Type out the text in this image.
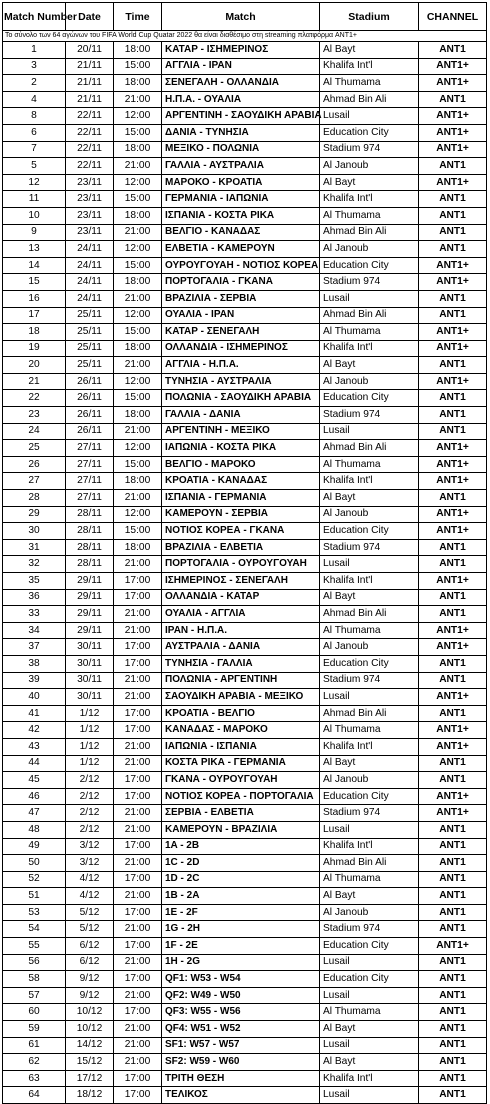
Match Number	Date	Time	Match	Stadium	CHANNEL
Το σύνολο των 64 αγώνων του FIFA World Cup Quatar 2022 θα είναι διαθέσιμο στη streaming πλατφόρμα ANT1+					
1	20/11	18:00	ΚΑΤΑΡ - ΙΣΗΜΕΡΙΝΟΣ	Al Bayt	ANT1
3	21/11	15:00	ΑΓΓΛΙΑ - ΙΡΑΝ	Khalifa Int'l	ANT1+
2	21/11	18:00	ΣΕΝΕΓΑΛΗ - ΟΛΛΑΝΔΙΑ	Al Thumama	ANT1+
4	21/11	21:00	Η.Π.Α. - ΟΥΑΛΙΑ	Ahmad Bin Ali	ANT1
8	22/11	12:00	ΑΡΓΕΝΤΙΝΗ - ΣΑΟΥΔΙΚΗ ΑΡΑΒΙΑ	Lusail	ANT1+
6	22/11	15:00	ΔΑΝΙΑ - ΤΥΝΗΣΙΑ	Education City	ANT1+
7	22/11	18:00	ΜΕΞΙΚΟ - ΠΟΛΩΝΙΑ	Stadium 974	ANT1+
5	22/11	21:00	ΓΑΛΛΙΑ - ΑΥΣΤΡΑΛΙΑ	Al Janoub	ANT1
12	23/11	12:00	ΜΑΡΟΚΟ - ΚΡΟΑΤΙΑ	Al Bayt	ANT1+
11	23/11	15:00	ΓΕΡΜΑΝΙΑ - ΙΑΠΩΝΙΑ	Khalifa Int'l	ANT1
10	23/11	18:00	ΙΣΠΑΝΙΑ - ΚΟΣΤΑ ΡΙΚΑ	Al Thumama	ANT1
9	23/11	21:00	ΒΕΛΓΙΟ - ΚΑΝΑΔΑΣ	Ahmad Bin Ali	ANT1
13	24/11	12:00	ΕΛΒΕΤΙΑ - ΚΑΜΕΡΟΥΝ	Al Janoub	ANT1
14	24/11	15:00	ΟΥΡΟΥΓΟΥΑΗ - ΝΟΤΙΟΣ ΚΟΡΕΑ	Education City	ANT1+
15	24/11	18:00	ΠΟΡΤΟΓΑΛΙΑ - ΓΚΑΝΑ	Stadium 974	ANT1+
16	24/11	21:00	ΒΡΑΖΙΛΙΑ - ΣΕΡΒΙΑ	Lusail	ANT1
17	25/11	12:00	ΟΥΑΛΙΑ - ΙΡΑΝ	Ahmad Bin Ali	ANT1
18	25/11	15:00	ΚΑΤΑΡ - ΣΕΝΕΓΑΛΗ	Al Thumama	ANT1+
19	25/11	18:00	ΟΛΛΑΝΔΙΑ - ΙΣΗΜΕΡΙΝΟΣ	Khalifa Int'l	ANT1+
20	25/11	21:00	ΑΓΓΛΙΑ - Η.Π.Α.	Al Bayt	ANT1
21	26/11	12:00	ΤΥΝΗΣΙΑ - ΑΥΣΤΡΑΛΙΑ	Al Janoub	ANT1+
22	26/11	15:00	ΠΟΛΩΝΙΑ - ΣΑΟΥΔΙΚΗ ΑΡΑΒΙΑ	Education City	ANT1
23	26/11	18:00	ΓΑΛΛΙΑ - ΔΑΝΙΑ	Stadium 974	ANT1
24	26/11	21:00	ΑΡΓΕΝΤΙΝΗ - ΜΕΞΙΚΟ	Lusail	ANT1
25	27/11	12:00	ΙΑΠΩΝΙΑ - ΚΟΣΤΑ ΡΙΚΑ	Ahmad Bin Ali	ANT1+
26	27/11	15:00	ΒΕΛΓΙΟ - ΜΑΡΟΚΟ	Al Thumama	ANT1+
27	27/11	18:00	ΚΡΟΑΤΙΑ - ΚΑΝΑΔΑΣ	Khalifa Int'l	ANT1+
28	27/11	21:00	ΙΣΠΑΝΙΑ - ΓΕΡΜΑΝΙΑ	Al Bayt	ANT1
29	28/11	12:00	ΚΑΜΕΡΟΥΝ - ΣΕΡΒΙΑ	Al Janoub	ANT1+
30	28/11	15:00	ΝΟΤΙΟΣ ΚΟΡΕΑ - ΓΚΑΝΑ	Education City	ANT1+
31	28/11	18:00	ΒΡΑΖΙΛΙΑ - ΕΛΒΕΤΙΑ	Stadium 974	ANT1
32	28/11	21:00	ΠΟΡΤΟΓΑΛΙΑ - ΟΥΡΟΥΓΟΥΑΗ	Lusail	ANT1
35	29/11	17:00	ΙΣΗΜΕΡΙΝΟΣ - ΣΕΝΕΓΑΛΗ	Khalifa Int'l	ANT1+
36	29/11	17:00	ΟΛΛΑΝΔΙΑ - ΚΑΤΑΡ	Al Bayt	ANT1
33	29/11	21:00	ΟΥΑΛΙΑ - ΑΓΓΛΙΑ	Ahmad Bin Ali	ANT1
34	29/11	21:00	ΙΡΑΝ - Η.Π.Α.	Al Thumama	ANT1+
37	30/11	17:00	ΑΥΣΤΡΑΛΙΑ - ΔΑΝΙΑ	Al Janoub	ANT1+
38	30/11	17:00	ΤΥΝΗΣΙΑ - ΓΑΛΛΙΑ	Education City	ANT1
39	30/11	21:00	ΠΟΛΩΝΙΑ - ΑΡΓΕΝΤΙΝΗ	Stadium 974	ANT1
40	30/11	21:00	ΣΑΟΥΔΙΚΗ ΑΡΑΒΙΑ - ΜΕΞΙΚΟ	Lusail	ANT1+
41	1/12	17:00	ΚΡΟΑΤΙΑ - ΒΕΛΓΙΟ	Ahmad Bin Ali	ANT1
42	1/12	17:00	ΚΑΝΑΔΑΣ - ΜΑΡΟΚΟ	Al Thumama	ANT1+
43	1/12	21:00	ΙΑΠΩΝΙΑ - ΙΣΠΑΝΙΑ	Khalifa Int'l	ANT1+
44	1/12	21:00	ΚΟΣΤΑ ΡΙΚΑ - ΓΕΡΜΑΝΙΑ	Al Bayt	ANT1
45	2/12	17:00	ΓΚΑΝΑ - ΟΥΡΟΥΓΟΥΑΗ	Al Janoub	ANT1
46	2/12	17:00	ΝΟΤΙΟΣ ΚΟΡΕΑ - ΠΟΡΤΟΓΑΛΙΑ	Education City	ANT1+
47	2/12	21:00	ΣΕΡΒΙΑ - ΕΛΒΕΤΙΑ	Stadium 974	ANT1+
48	2/12	21:00	ΚΑΜΕΡΟΥΝ - ΒΡΑΖΙΛΙΑ	Lusail	ANT1
49	3/12	17:00	1A - 2B	Khalifa Int'l	ANT1
50	3/12	21:00	1C - 2D	Ahmad Bin Ali	ANT1
52	4/12	17:00	1D - 2C	Al Thumama	ANT1
51	4/12	21:00	1B - 2A	Al Bayt	ANT1
53	5/12	17:00	1E - 2F	Al Janoub	ANT1
54	5/12	21:00	1G - 2H	Stadium 974	ANT1
55	6/12	17:00	1F - 2E	Education City	ANT1+
56	6/12	21:00	1H - 2G	Lusail	ANT1
58	9/12	17:00	QF1: W53 - W54	Education City	ANT1
57	9/12	21:00	QF2: W49 - W50	Lusail	ANT1
60	10/12	17:00	QF3: W55 - W56	Al Thumama	ANT1
59	10/12	21:00	QF4: W51 - W52	Al Bayt	ANT1
61	14/12	21:00	SF1: W57 - W57	Lusail	ANT1
62	15/12	21:00	SF2: W59 - W60	Al Bayt	ANT1
63	17/12	17:00	ΤΡΙΤΗ ΘΕΣΗ	Khalifa Int'l	ANT1
64	18/12	17:00	ΤΕΛΙΚΟΣ	Lusail	ANT1
